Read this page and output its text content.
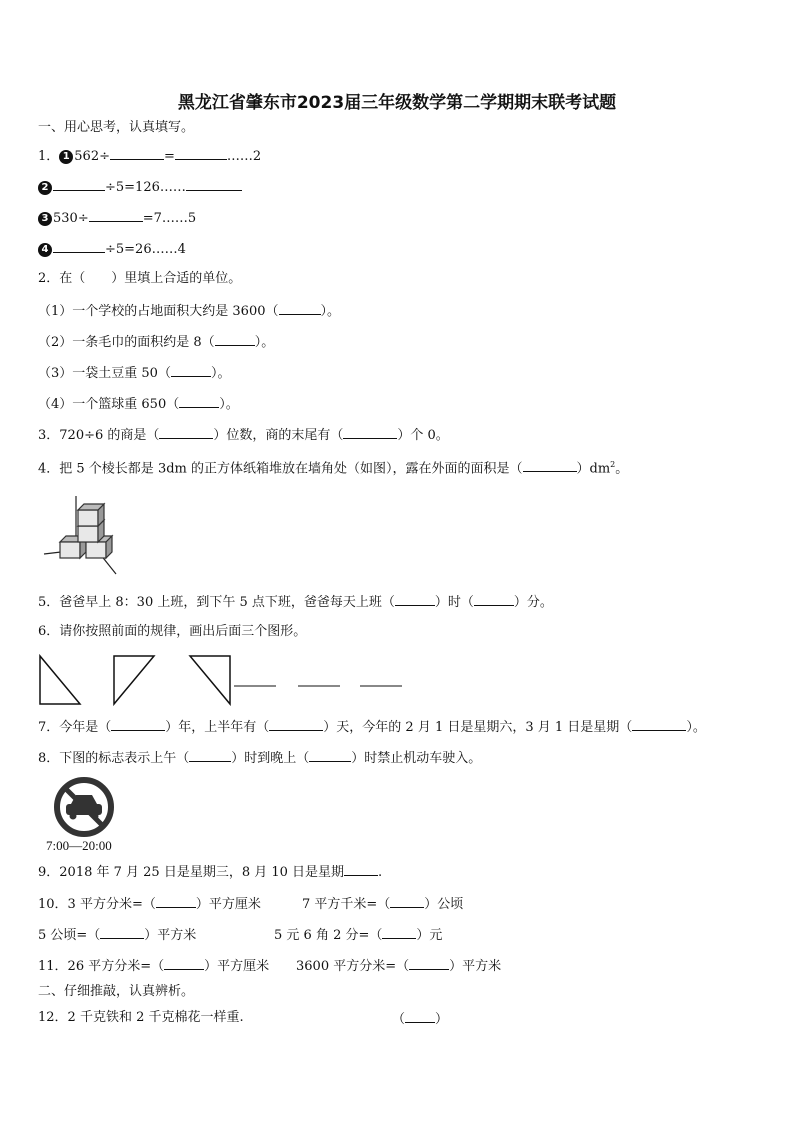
黑龙江省肇东市2023届三年级数学第二学期期末联考试题
一、用心思考，认真填写。
1． 1 562÷	=	……2
2	÷5=126……
3 530÷	=7……5
4	÷5=26……4
2．在（　　）里填上合适的单位。
（1）一个学校的占地面积大约是 3600（	）。
（2）一条毛巾的面积约是 8（	）。
（3）一袋土豆重 50（	）。
（4）一个篮球重 650（	）。
3．720÷6 的商是（	）位数，商的末尾有（	）个 0。
4．把 5 个棱长都是 3dm 的正方体纸箱堆放在墙角处（如图），露在外面的面积是（	）$dm^2$。
5．爸爸早上 8：30 上班，到下午 5 点下班，爸爸每天上班（	）时（	）分。
6．请你按照前面的规律，画出后面三个图形。
7．今年是（	）年，上半年有（	）天，今年的 2 月 1 日是星期六，3 月 1 日是星期（	）。
8．下图的标志表示上午（	）时到晚上（	）时禁止机动车驶入。
7:00—20:00
9．2018 年 7 月 25 日是星期三，8 月 10 日是星期	.
10．3 平方分米=（	）平方厘米	7 平方千米=（	）公顷
5 公顷=（	）平方米	5 元 6 角 2 分=（	）元
11．26 平方分米=（	）平方厘米 3600 平方分米=（	）平方米
二、仔细推敲，认真辨析。
12．2 千克铁和 2 千克棉花一样重.	（ ）
